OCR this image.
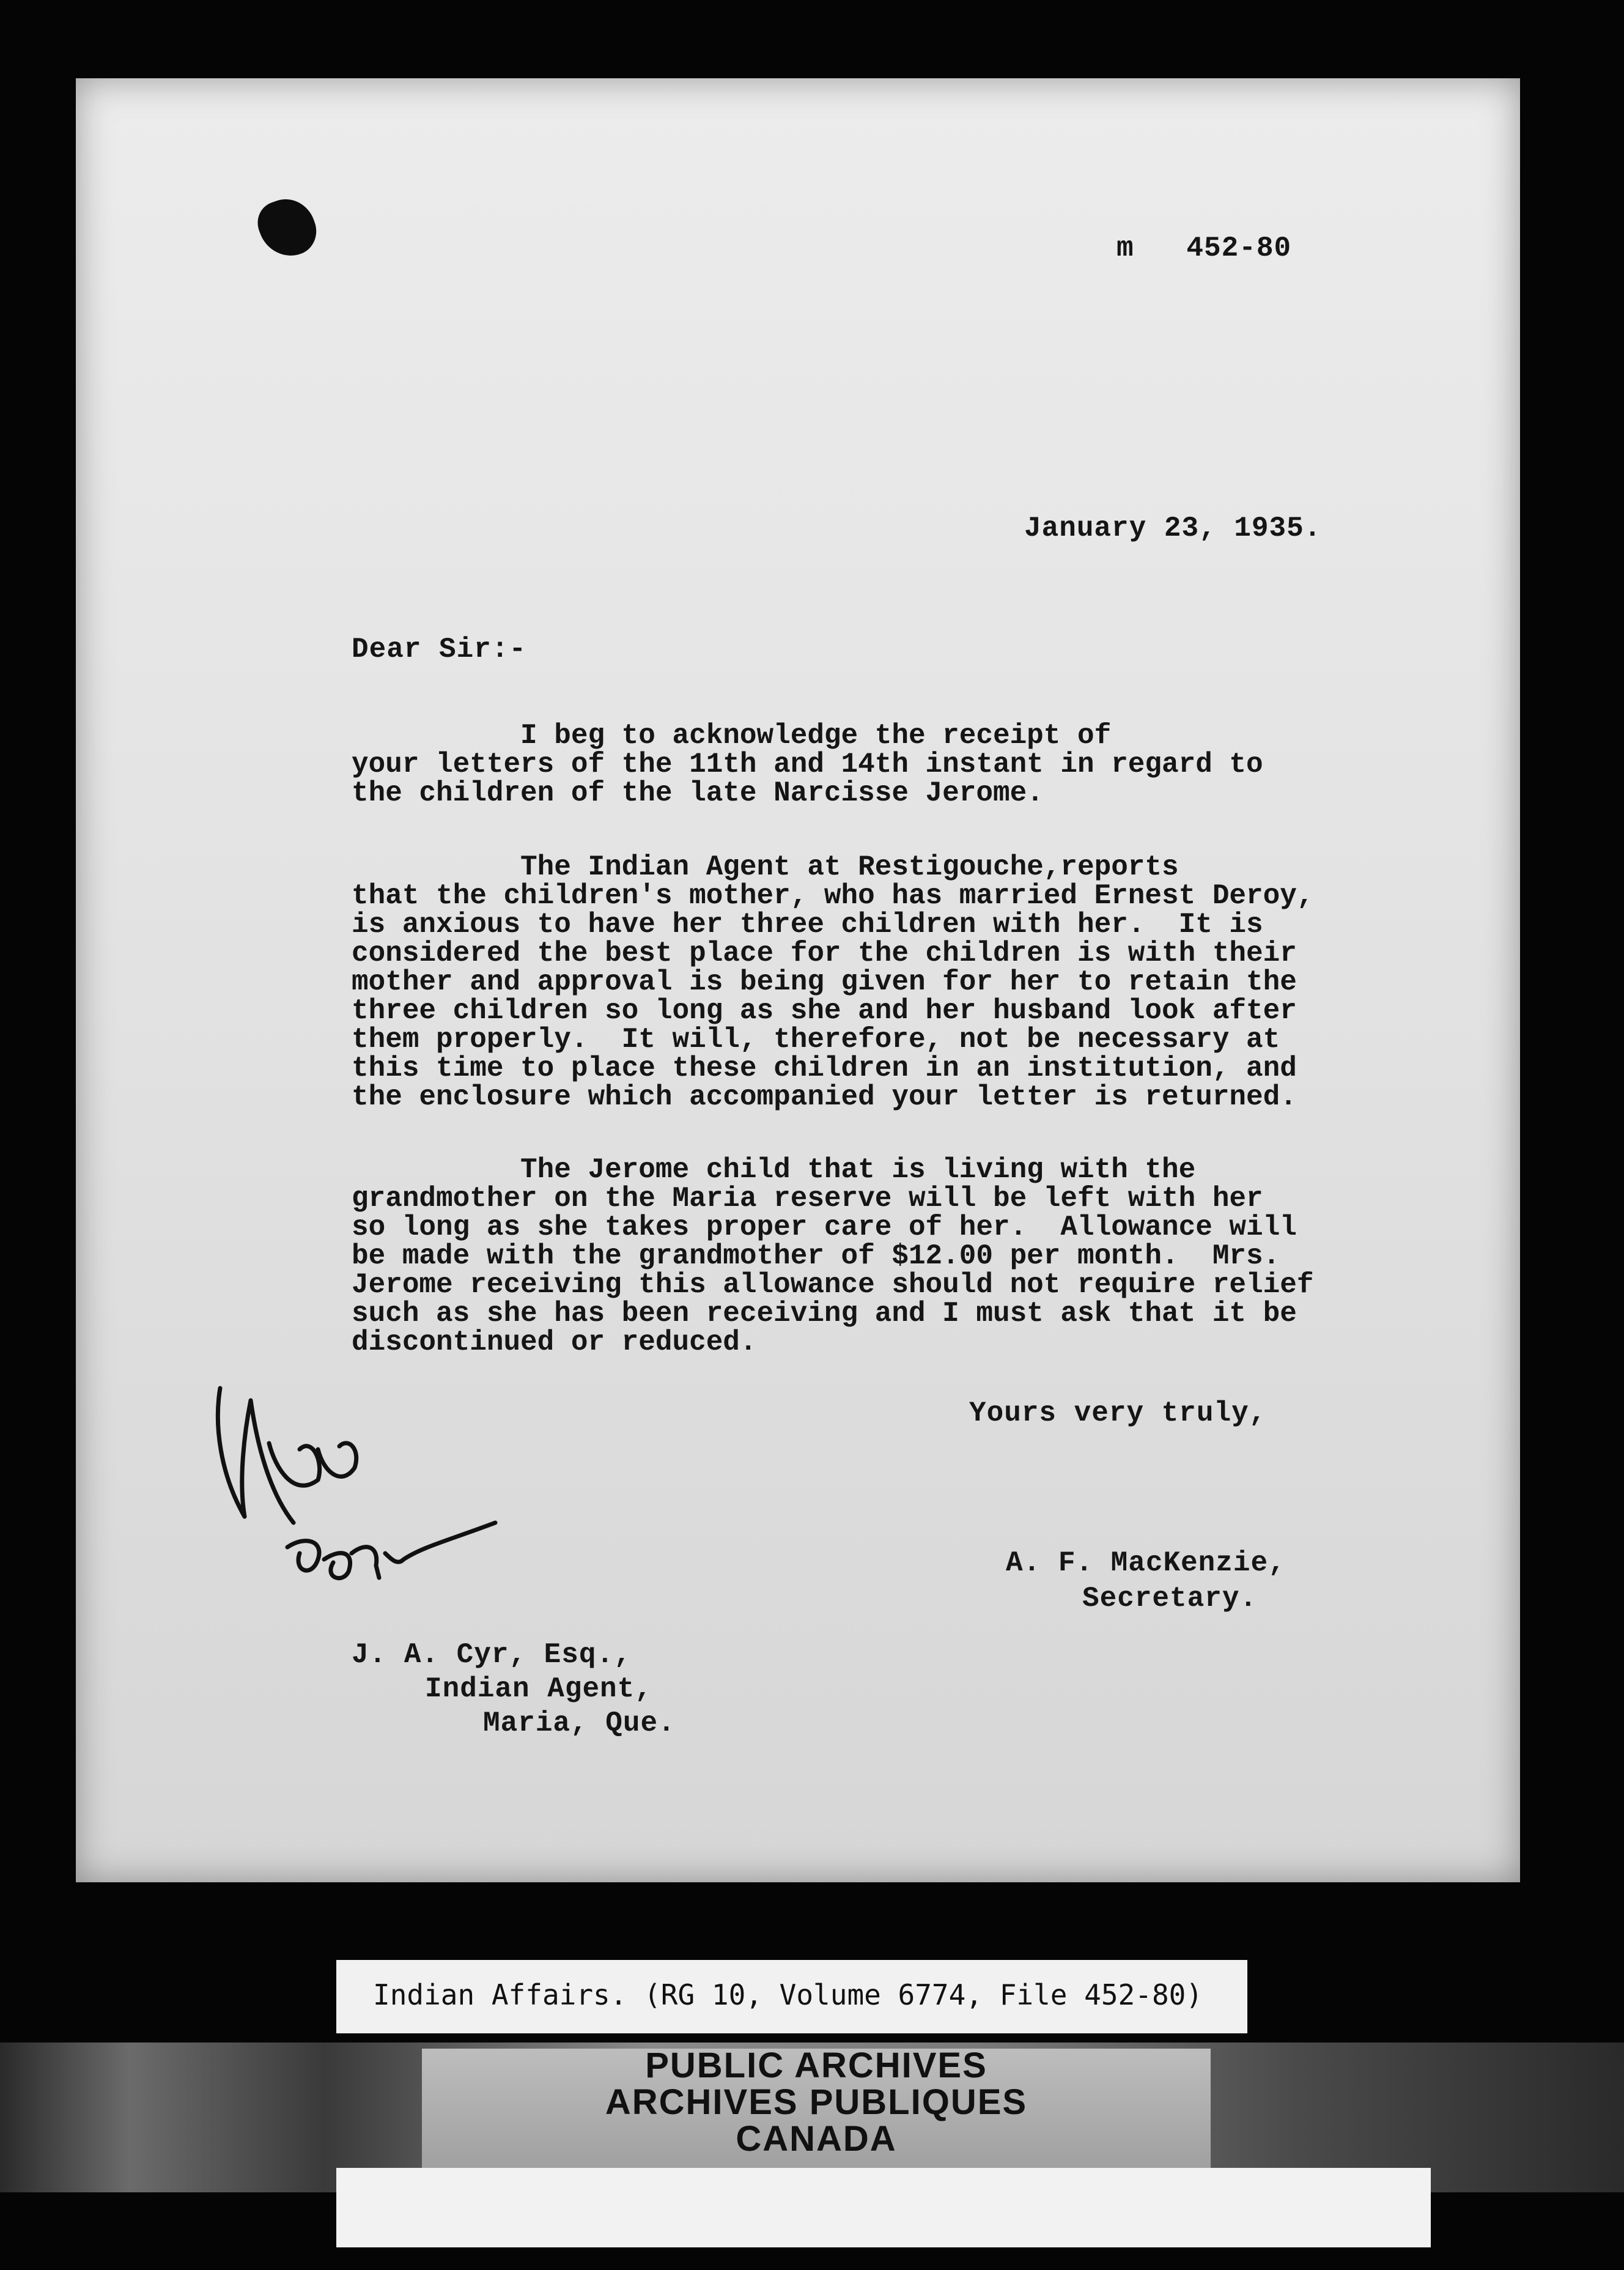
m   452-80
January 23, 1935.
Dear Sir:-
I beg to acknowledge the receipt of
your letters of the 11th and 14th instant in regard to
the children of the late Narcisse Jerome.
The Indian Agent at Restigouche,reports
that the children's mother, who has married Ernest Deroy,
is anxious to have her three children with her.  It is
considered the best place for the children is with their
mother and approval is being given for her to retain the
three children so long as she and her husband look after
them properly.  It will, therefore, not be necessary at
this time to place these children in an institution, and
the enclosure which accompanied your letter is returned.
The Jerome child that is living with the
grandmother on the Maria reserve will be left with her
so long as she takes proper care of her.  Allowance will
be made with the grandmother of $12.00 per month.  Mrs.
Jerome receiving this allowance should not require relief
such as she has been receiving and I must ask that it be
discontinued or reduced.
Yours very truly,
A. F. MacKenzie,
Secretary.
J. A. Cyr, Esq.,
Indian Agent,
Maria, Que.
Indian Affairs. (RG 10, Volume 6774, File 452-80)
PUBLIC ARCHIVES
ARCHIVES PUBLIQUES
CANADA
